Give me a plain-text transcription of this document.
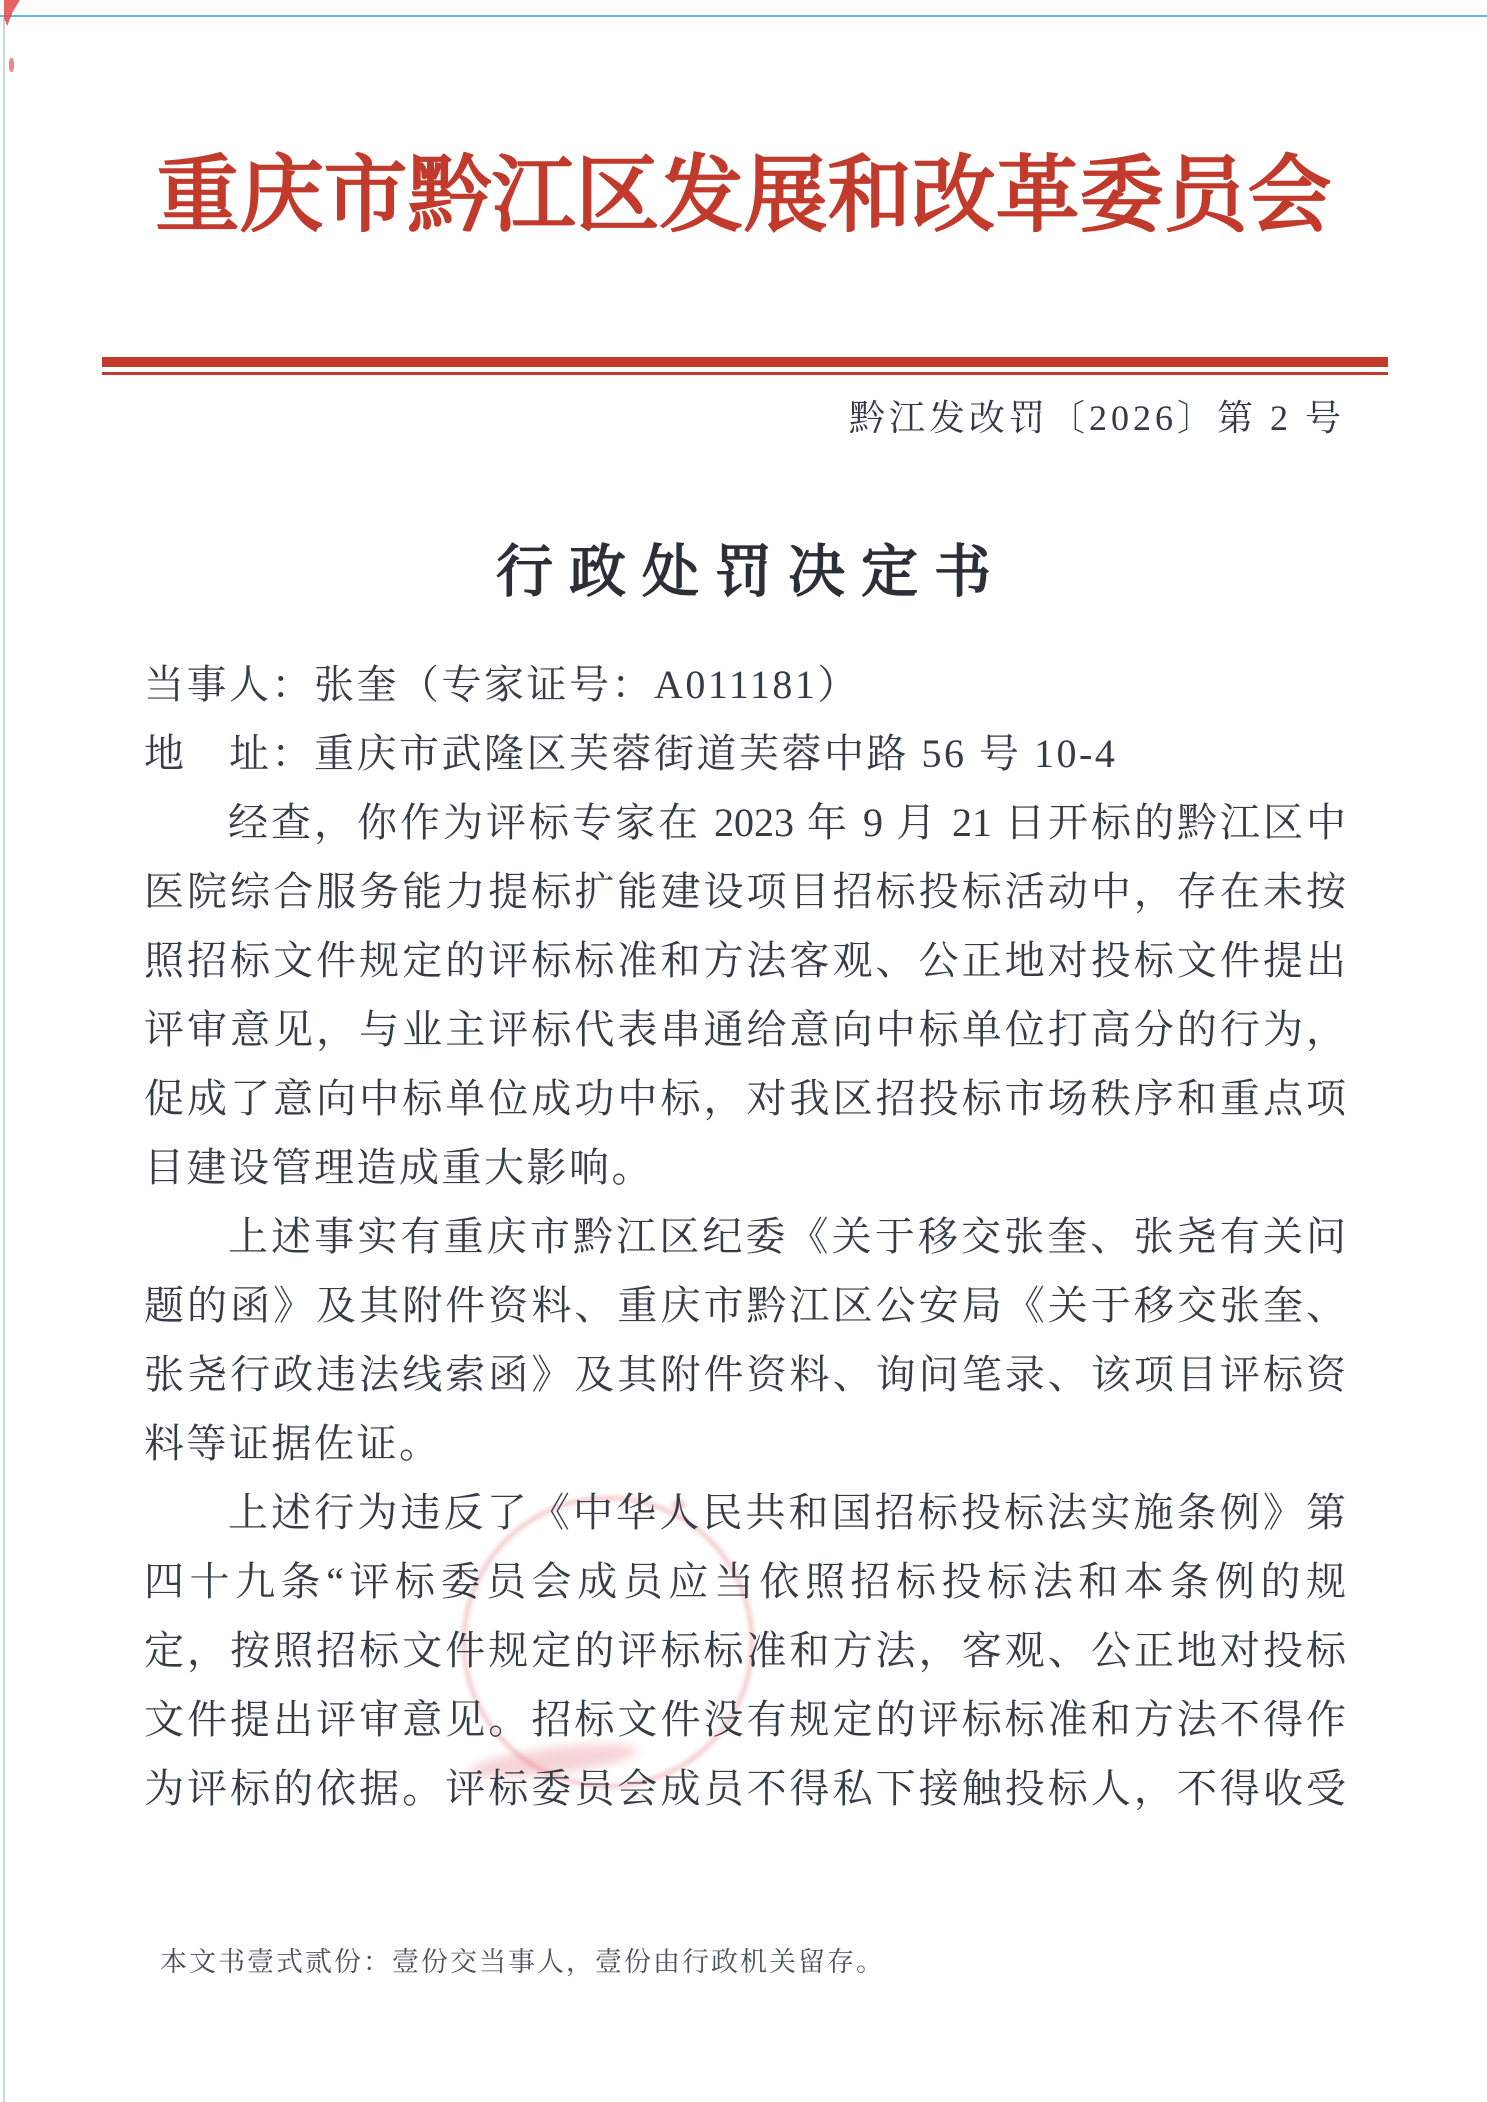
重庆市黔江区发展和改革委员会
黔江发改罚〔2026〕第 2 号
行政处罚决定书
当事人：张奎（专家证号：A011181）
地　址：重庆市武隆区芙蓉街道芙蓉中路 56 号 10-4
经查，你作为评标专家在 2023 年 9 月 21 日开标的黔江区中
医院综合服务能力提标扩能建设项目招标投标活动中，存在未按
照招标文件规定的评标标准和方法客观、公正地对投标文件提出
评审意见，与业主评标代表串通给意向中标单位打高分的行为，
促成了意向中标单位成功中标，对我区招投标市场秩序和重点项
目建设管理造成重大影响。
上述事实有重庆市黔江区纪委《关于移交张奎、张尧有关问
题的函》及其附件资料、重庆市黔江区公安局《关于移交张奎、
张尧行政违法线索函》及其附件资料、询问笔录、该项目评标资
料等证据佐证。
上述行为违反了《中华人民共和国招标投标法实施条例》第
四十九条“评标委员会成员应当依照招标投标法和本条例的规
定，按照招标文件规定的评标标准和方法，客观、公正地对投标
文件提出评审意见。招标文件没有规定的评标标准和方法不得作
为评标的依据。评标委员会成员不得私下接触投标人，不得收受
本文书壹式贰份：壹份交当事人，壹份由行政机关留存。
